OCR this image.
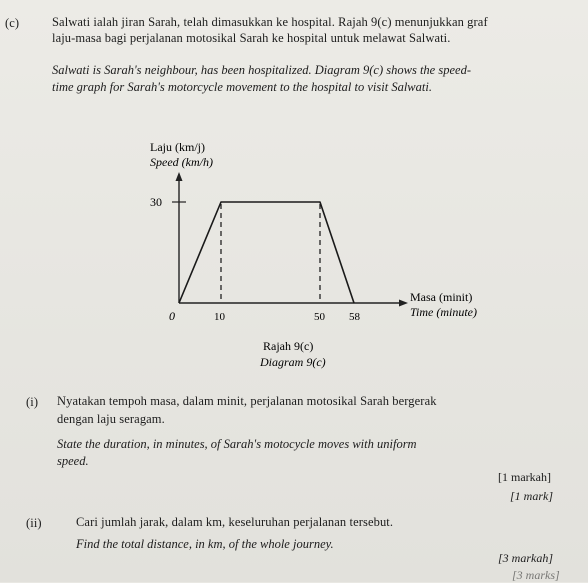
(c)	Salwati ialah jiran Sarah, telah dimasukkan ke hospital. Rajah 9(c) menunjukkan graf
laju-masa bagi perjalanan motosikal Sarah ke hospital untuk melawat Salwati.
Salwati is Sarah's neighbour, has been hospitalized. Diagram 9(c) shows the speed-
time graph for Sarah's motorcycle movement to the hospital to visit Salwati.
Laju (km/j)
Speed (km/h)
30
0	10	50 58
Masa (minit)
Time (minute)
Rajah 9(c)
Diagram 9(c)
(i) Nyatakan tempoh masa, dalam minit, perjalanan motosikal Sarah bergerak
dengan laju seragam.
State the duration, in minutes, of Sarah's motocycle moves with uniform
speed.
[1 markah]
[1 mark]
(ii)	Cari jumlah jarak, dalam km, keseluruhan perjalanan tersebut.
Find the total distance, in km, of the whole journey.
[3 markah]
[3 marks]
